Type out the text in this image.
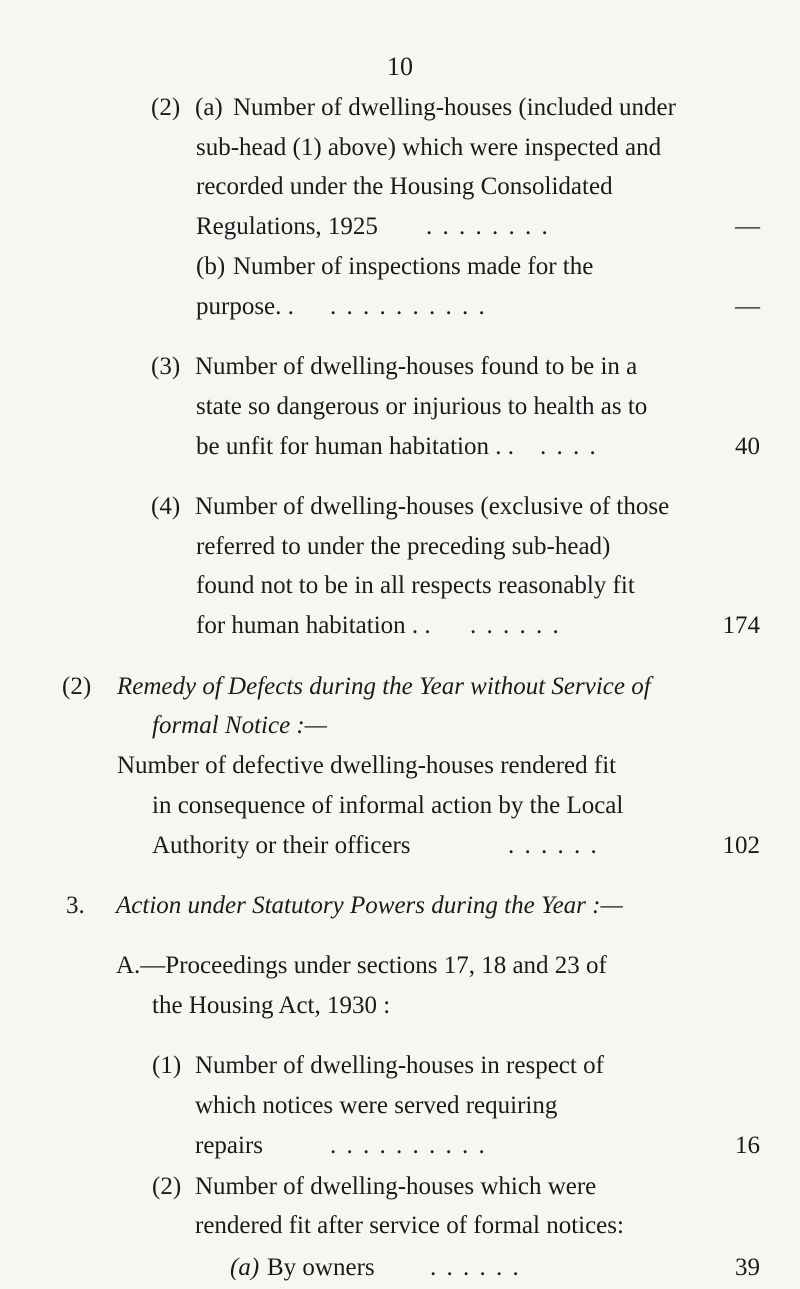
10
(2) (a) Number of dwelling-houses (included under
sub-head (1) above) which were inspected and
recorded under the Housing Consolidated
Regulations, 1925 . . . . . . . .	—
(b) Number of inspections made for the
purpose. . . . . . . . . . . .	—
(3) Number of dwelling-houses found to be in a
state so dangerous or injurious to health as to
be unfit for human habitation . . . . . .	40
(4) Number of dwelling-houses (exclusive of those
referred to under the preceding sub-head)
found not to be in all respects reasonably fit
for human habitation . . . . . . . .	174
(2) Remedy of Defects during the Year without Service of
formal Notice :—
Number of defective dwelling-houses rendered fit
in consequence of informal action by the Local
Authority or their officers	. . . . . .	102
3. Action under Statutory Powers during the Year :—
A.—Proceedings under sections 17, 18 and 23 of
the Housing Act, 1930 :
(1) Number of dwelling-houses in respect of
which notices were served requiring
repairs	. . . . . . . . . .	16
(2) Number of dwelling-houses which were
rendered fit after service of formal notices:
(a) By owners . . . . . .	39
